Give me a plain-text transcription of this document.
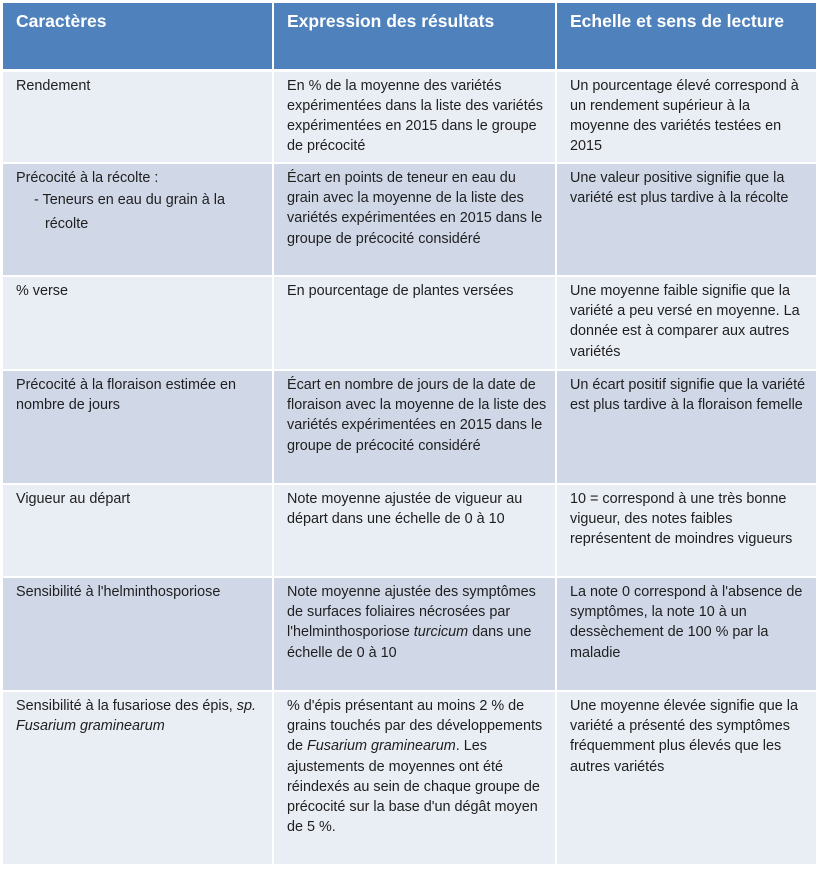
Caractères	Expression des résultats	Echelle et sens de lecture
Rendement	En % de la moyenne des variétés expérimentées dans la liste des variétés expérimentées en 2015 dans le groupe de précocité	Un pourcentage élevé correspond à un rendement supérieur à la moyenne des variétés testées en 2015
Précocité à la récolte :
- Teneurs en eau du grain à la récolte	Écart en points de teneur en eau du grain avec la moyenne de la liste des variétés expérimentées en 2015 dans le groupe de précocité considéré	Une valeur positive signifie que la variété est plus tardive à la récolte
% verse	En pourcentage de plantes versées	Une moyenne faible signifie que la variété a peu versé en moyenne. La donnée est à comparer aux autres variétés
Précocité à la floraison estimée en nombre de jours	Écart en nombre de jours de la date de floraison avec la moyenne de la liste des variétés expérimentées en 2015 dans le groupe de précocité considéré	Un écart positif signifie que la variété est plus tardive à la floraison femelle
Vigueur au départ	Note moyenne ajustée de vigueur au départ dans une échelle de 0 à 10	10 = correspond à une très bonne vigueur, des notes faibles représentent de moindres vigueurs
Sensibilité à l'helminthosporiose	Note moyenne ajustée des symptômes de surfaces foliaires nécrosées par l'helminthosporiose turcicum dans une échelle de 0 à 10	La note 0 correspond à l'absence de symptômes, la note 10 à un dessèchement de 100 % par la maladie
Sensibilité à la fusariose des épis, sp. Fusarium graminearum	% d'épis présentant au moins 2 % de grains touchés par des développements de Fusarium graminearum. Les ajustements de moyennes ont été réindexés au sein de chaque groupe de précocité sur la base d'un dégât moyen de 5 %.	Une moyenne élevée signifie que la variété a présenté des symptômes fréquemment plus élevés que les autres variétés
